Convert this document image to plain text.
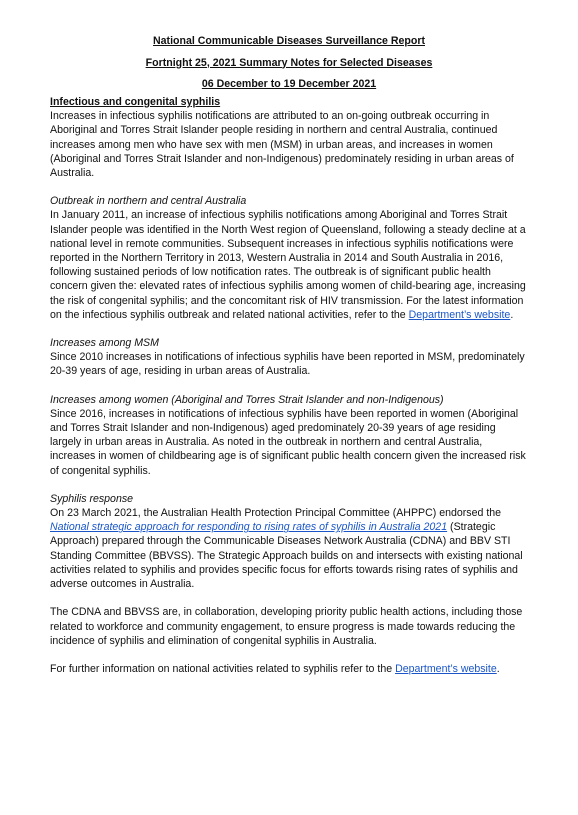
National Communicable Diseases Surveillance Report
Fortnight 25, 2021 Summary Notes for Selected Diseases
06 December to 19 December 2021

Infectious and congenital syphilis

Increases in infectious syphilis notifications are attributed to an on-going outbreak occurring in Aboriginal and Torres Strait Islander people residing in northern and central Australia, continued increases among men who have sex with men (MSM) in urban areas, and increases in women (Aboriginal and Torres Strait Islander and non-Indigenous) predominately residing in urban areas of Australia.

Outbreak in northern and central Australia

In January 2011, an increase of infectious syphilis notifications among Aboriginal and Torres Strait Islander people was identified in the North West region of Queensland, following a steady decline at a national level in remote communities. Subsequent increases in infectious syphilis notifications were reported in the Northern Territory in 2013, Western Australia in 2014 and South Australia in 2016, following sustained periods of low notification rates. The outbreak is of significant public health concern given the: elevated rates of infectious syphilis among women of child-bearing age, increasing the risk of congenital syphilis; and the concomitant risk of HIV transmission. For the latest information on the infectious syphilis outbreak and related national activities, refer to the Department’s website.

Increases among MSM

Since 2010 increases in notifications of infectious syphilis have been reported in MSM, predominately 20-39 years of age, residing in urban areas of Australia.

Increases among women (Aboriginal and Torres Strait Islander and non-Indigenous)

Since 2016, increases in notifications of infectious syphilis have been reported in women (Aboriginal and Torres Strait Islander and non-Indigenous) aged predominately 20-39 years of age residing largely in urban areas in Australia. As noted in the outbreak in northern and central Australia, increases in women of childbearing age is of significant public health concern given the increased risk of congenital syphilis.

Syphilis response

On 23 March 2021, the Australian Health Protection Principal Committee (AHPPC) endorsed the National strategic approach for responding to rising rates of syphilis in Australia 2021 (Strategic Approach) prepared through the Communicable Diseases Network Australia (CDNA) and BBV STI Standing Committee (BBVSS). The Strategic Approach builds on and intersects with existing national activities related to syphilis and provides specific focus for efforts towards rising rates of syphilis and adverse outcomes in Australia.

The CDNA and BBVSS are, in collaboration, developing priority public health actions, including those related to workforce and community engagement, to ensure progress is made towards reducing the incidence of syphilis and elimination of congenital syphilis in Australia.

For further information on national activities related to syphilis refer to the Department’s website.
